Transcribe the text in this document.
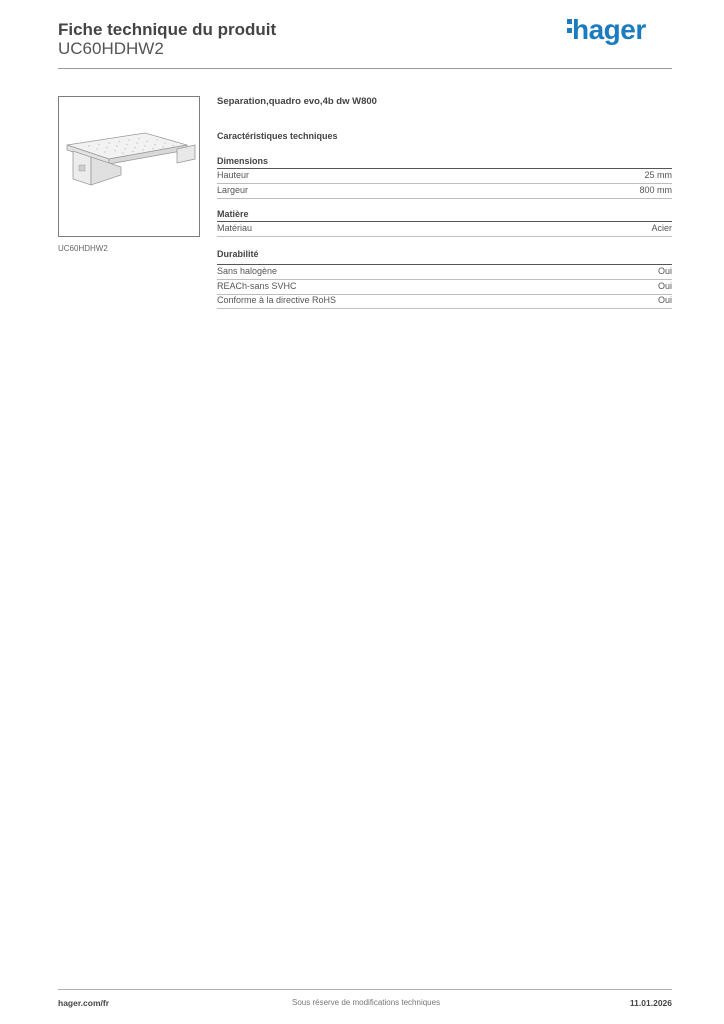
Fiche technique du produit
UC60HDHW2
hager
UC60HDHW2
Separation,quadro evo,4b dw W800
Caractéristiques techniques
Dimensions
Hauteur	25 mm
Largeur	800 mm
Matière
Matériau	Acier
Durabilité
Sans halogène	Oui
REACh-sans SVHC	Oui
Conforme à la directive RoHS	Oui
hager.com/fr	Sous réserve de modifications techniques	11.01.2026
